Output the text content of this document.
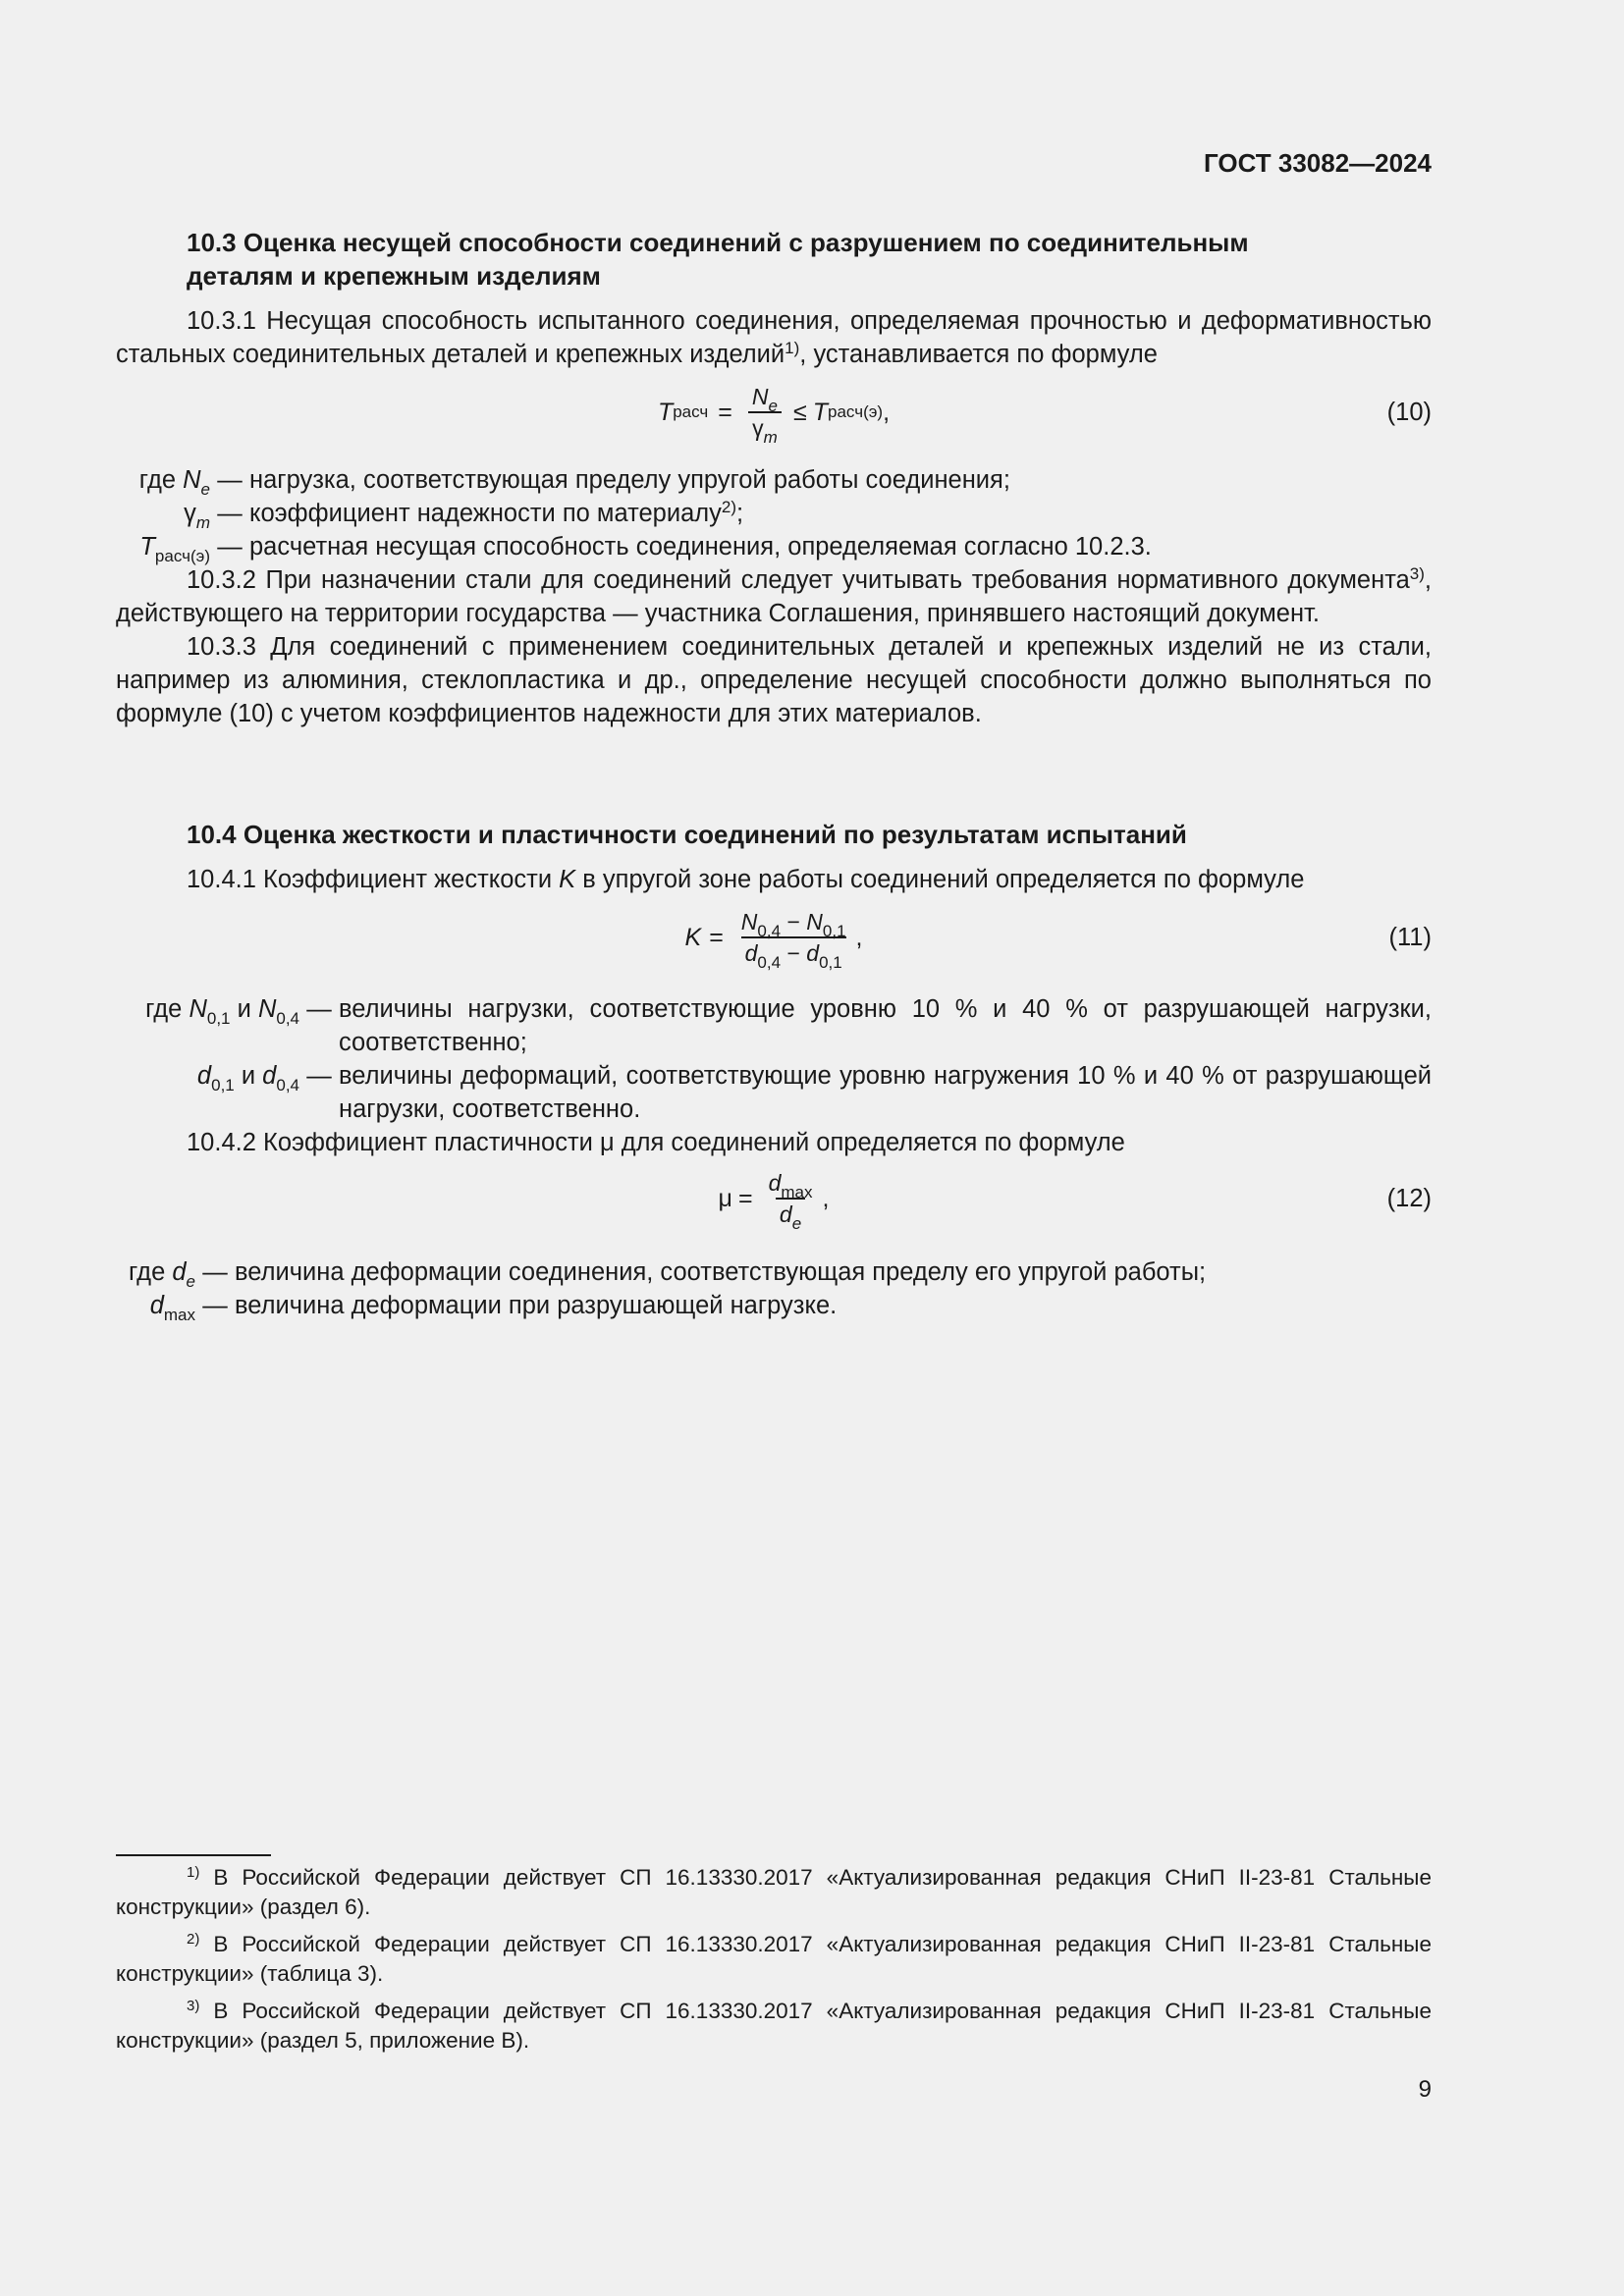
ГОСТ 33082—2024

10.3 Оценка несущей способности соединений с разрушением по соединительным
деталям и крепежным изделиям

10.3.1 Несущая способность испытанного соединения, определяемая прочностью и деформативностью стальных соединительных деталей и крепежных изделий$^{1)}$, устанавливается по формуле

T расч = $\frac{N_e}{\gamma_m} \le T$ расч(э) ,	(10)
где $N_e$ — нагрузка, соответствующая пределу упругой работы соединения;
$\gamma_m$ — коэффициент надежности по материалу$^{2)}$;
$T_{расч(э)}$ — расчетная несущая способность соединения, определяемая согласно 10.2.3.

10.3.2 При назначении стали для соединений следует учитывать требования нормативного документа$^{3)}$, действующего на территории государства — участника Соглашения, принявшего настоящий документ.

10.3.3 Для соединений с применением соединительных деталей и крепежных изделий не из стали, например из алюминия, стеклопластика и др., определение несущей способности должно выполняться по формуле (10) с учетом коэффициентов надежности для этих материалов.

10.4 Оценка жесткости и пластичности соединений по результатам испытаний

10.4.1 Коэффициент жесткости K в упругой зоне работы соединений определяется по формуле

$K = \frac{N_{0,4} - N_{0,1}}{d_{0,4} - d_{0,1}}$ ,	(11)
где $N_{0,1}$ и $N_{0,4}$ — величины нагрузки, соответствующие уровню 10 % и 40 % от разрушающей нагрузки, соответственно;
$d_{0,1}$ и $d_{0,4}$ — величины деформаций, соответствующие уровню нагружения 10 % и 40 % от разрушающей нагрузки, соответственно.

10.4.2 Коэффициент пластичности μ для соединений определяется по формуле

$\mu = \frac{d_{max}}{d_e}$ ,	(12)
где $d_e$ — величина деформации соединения, соответствующая пределу его упругой работы;
$d_{max}$ — величина деформации при разрушающей нагрузке.

$^{1)}$ В Российской Федерации действует СП 16.13330.2017 «Актуализированная редакция СНиП II-23-81 Стальные конструкции» (раздел 6).

$^{2)}$ В Российской Федерации действует СП 16.13330.2017 «Актуализированная редакция СНиП II-23-81 Стальные конструкции» (таблица 3).

$^{3)}$ В Российской Федерации действует СП 16.13330.2017 «Актуализированная редакция СНиП II-23-81 Стальные конструкции» (раздел 5, приложение В).

9
